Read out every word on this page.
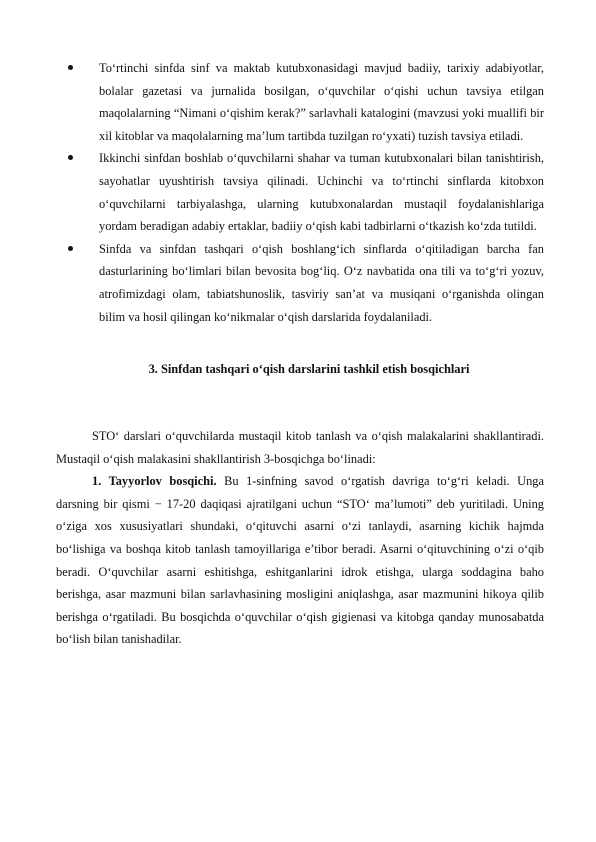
To‘rtinchi sinfda sinf va maktab kutubxonasidagi mavjud badiiy, tarixiy adabiyotlar, bolalar gazetasi va jurnalida bosilgan, o‘quvchilar o‘qishi uchun tavsiya etilgan maqolalarning “Nimani o‘qishim kerak?” sarlavhali katalogini (mavzusi yoki muallifi bir xil kitoblar va maqolalarning ma’lum tartibda tuzilgan ro‘yxati) tuzish tavsiya etiladi.
Ikkinchi sinfdan boshlab o‘quvchilarni shahar va tuman kutubxonalari bilan tanishtirish, sayohatlar uyushtirish tavsiya qilinadi. Uchinchi va to‘rtinchi sinflarda kitobxon o‘quvchilarni tarbiyalashga, ularning kutubxonalardan mustaqil foydalanishlariga yordam beradigan adabiy ertaklar, badiiy o‘qish kabi tadbirlarni o‘tkazish ko‘zda tutildi.
Sinfda va sinfdan tashqari o‘qish boshlang‘ich sinflarda o‘qitiladigan barcha fan dasturlarining bo‘limlari bilan bevosita bog‘liq. O‘z navbatida ona tili va to‘g‘ri yozuv, atrofimizdagi olam, tabiatshunoslik, tasviriy san’at va musiqani o‘rganishda olingan bilim va hosil qilingan ko‘nikmalar o‘qish darslarida foydalaniladi.
3. Sinfdan tashqari o‘qish darslarini tashkil etish bosqichlari

STO‘ darslari o‘quvchilarda mustaqil kitob tanlash va o‘qish malakalarini shakllantiradi. Mustaqil o‘qish malakasini shakllantirish 3-bosqichga bo‘linadi:

1. Tayyorlov bosqichi. Bu 1-sinfning savod o‘rgatish davriga to‘g‘ri keladi. Unga darsning bir qismi − 17-20 daqiqasi ajratilgani uchun “STO‘ ma’lumoti” deb yuritiladi. Uning o‘ziga xos xususiyatlari shundaki, o‘qituvchi asarni o‘zi tanlaydi, asarning kichik hajmda bo‘lishiga va boshqa kitob tanlash tamoyillariga e’tibor beradi. Asarni o‘qituvchining o‘zi o‘qib beradi. O‘quvchilar asarni eshitishga, eshitganlarini idrok etishga, ularga soddagina baho berishga, asar mazmuni bilan sarlavhasining mosligini aniqlashga, asar mazmunini hikoya qilib berishga o‘rgatiladi. Bu bosqichda o‘quvchilar o‘qish gigienasi va kitobga qanday munosabatda bo‘lish bilan tanishadilar.
